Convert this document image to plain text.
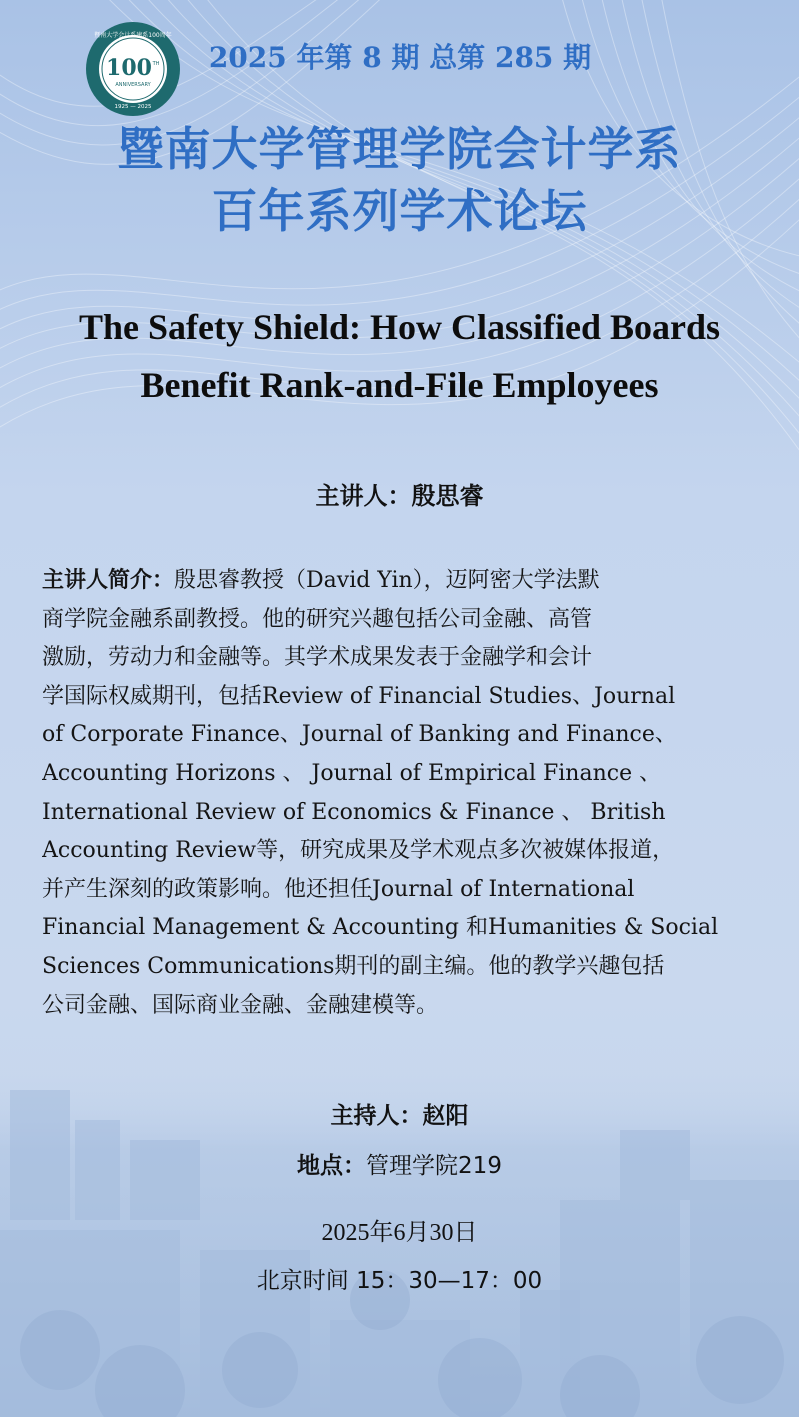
暨南大学会计系建系100周年
100 TH
ANNIVERSARY
1925 — 2025
2025 年第 8 期 总第 285 期
暨南大学管理学院会计学系
百年系列学术论坛
The Safety Shield: How Classified Boards
Benefit Rank-and-File Employees
主讲人：殷思睿
主讲人简介：殷思睿教授（David Yin），迈阿密大学法默
商学院金融系副教授。他的研究兴趣包括公司金融、高管
激励，劳动力和金融等。其学术成果发表于金融学和会计
学国际权威期刊，包括Review of Financial Studies、Journal
of Corporate Finance、Journal of Banking and Finance、
Accounting Horizons 、 Journal of Empirical Finance 、
International Review of Economics & Finance 、 British
Accounting Review等，研究成果及学术观点多次被媒体报道，
并产生深刻的政策影响。他还担任Journal of International
Financial Management & Accounting 和Humanities & Social
Sciences Communications期刊的副主编。他的教学兴趣包括
公司金融、国际商业金融、金融建模等。
主持人：赵阳
地点：管理学院219
2025年6月30日
北京时间 15：30—17：00
